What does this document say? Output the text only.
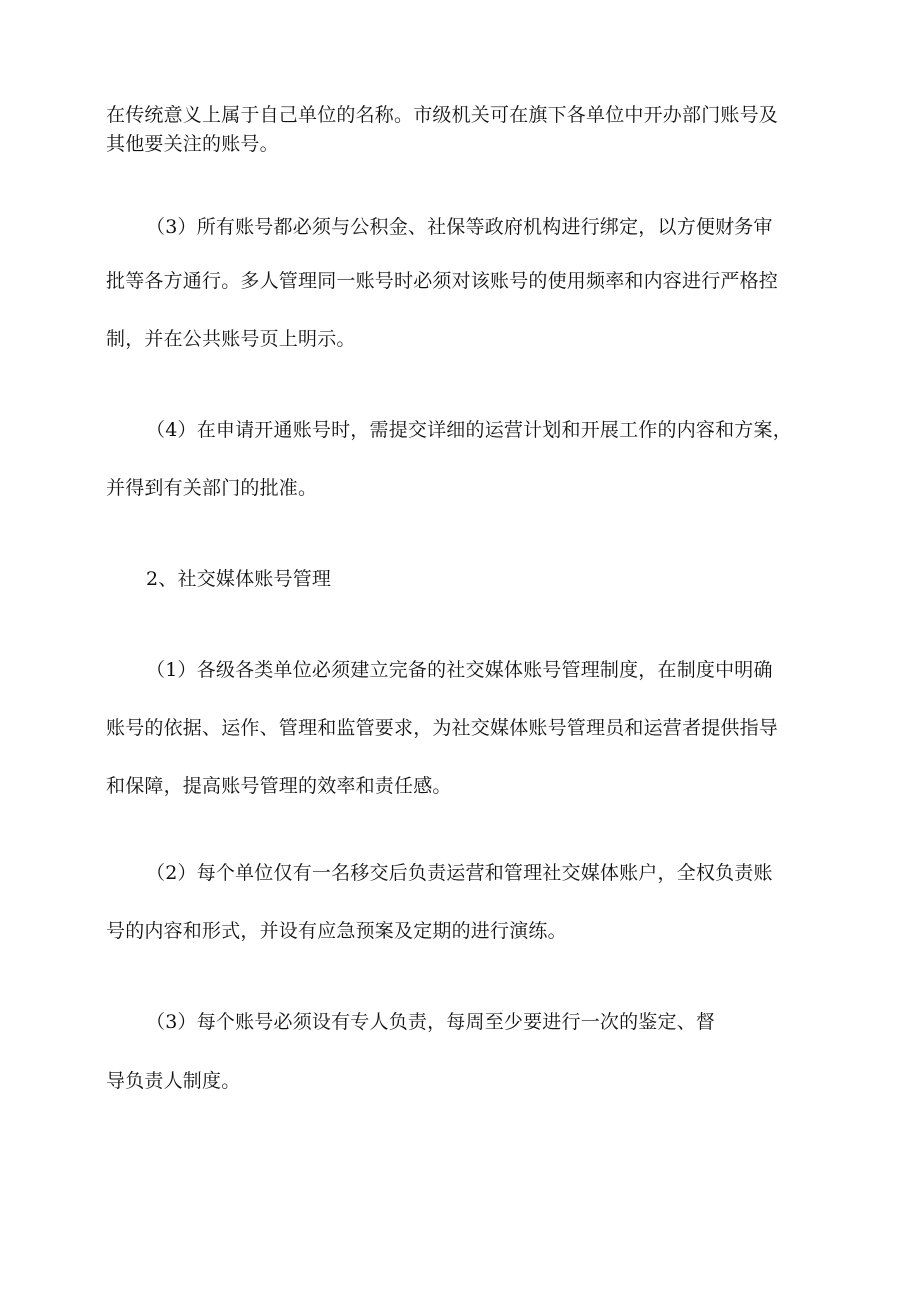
在传统意义上属于自己单位的名称。市级机关可在旗下各单位中开办部门账号及
其他要关注的账号。
（3）所有账号都必须与公积金、社保等政府机构进行绑定，以方便财务审
批等各方通行。多人管理同一账号时必须对该账号的使用频率和内容进行严格控
制，并在公共账号页上明示。
（4）在申请开通账号时，需提交详细的运营计划和开展工作的内容和方案，
并得到有关部门的批准。
2、社交媒体账号管理
（1）各级各类单位必须建立完备的社交媒体账号管理制度，在制度中明确
账号的依据、运作、管理和监管要求，为社交媒体账号管理员和运营者提供指导
和保障，提高账号管理的效率和责任感。
（2）每个单位仅有一名移交后负责运营和管理社交媒体账户，全权负责账
号的内容和形式，并设有应急预案及定期的进行演练。
（3）每个账号必须设有专人负责，每周至少要进行一次的鉴定、督
导负责人制度。
